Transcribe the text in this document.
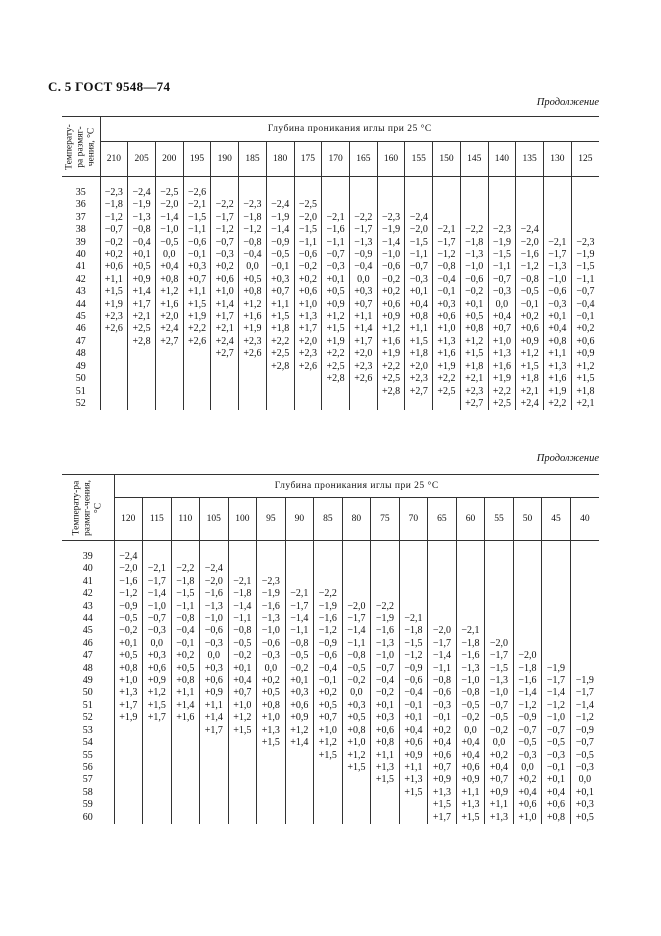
С. 5 ГОСТ 9548—74
Продолжение
Температу-ра размяг-чения, °С	Глубина проникания иглы при 25 °С																	
	210	205	200	195	190	185	180	175	170	165	160	155	150	145	140	135	130	125

35	−2,3	−2,4	−2,5	−2,6														
36	−1,8	−1,9	−2,0	−2,1	−2,2	−2,3	−2,4	−2,5										
37	−1,2	−1,3	−1,4	−1,5	−1,7	−1,8	−1,9	−2,0	−2,1	−2,2	−2,3	−2,4						
38	−0,7	−0,8	−1,0	−1,1	−1,2	−1,2	−1,4	−1,5	−1,6	−1,7	−1,9	−2,0	−2,1	−2,2	−2,3	−2,4		
39	−0,2	−0,4	−0,5	−0,6	−0,7	−0,8	−0,9	−1,1	−1,1	−1,3	−1,4	−1,5	−1,7	−1,8	−1,9	−2,0	−2,1	−2,3
40	+0,2	+0,1	0,0	−0,1	−0,3	−0,4	−0,5	−0,6	−0,7	−0,9	−1,0	−1,1	−1,2	−1,3	−1,5	−1,6	−1,7	−1,9
41	+0,6	+0,5	+0,4	+0,3	+0,2	0,0	−0,1	−0,2	−0,3	−0,4	−0,6	−0,7	−0,8	−1,0	−1,1	−1,2	−1,3	−1,5
42	+1,1	+0,9	+0,8	+0,7	+0,6	+0,5	+0,3	+0,2	+0,1	0,0	−0,2	−0,3	−0,4	−0,6	−0,7	−0,8	−1,0	−1,1
43	+1,5	+1,4	+1,2	+1,1	+1,0	+0,8	+0,7	+0,6	+0,5	+0,3	+0,2	+0,1	−0,1	−0,2	−0,3	−0,5	−0,6	−0,7
44	+1,9	+1,7	+1,6	+1,5	+1,4	+1,2	+1,1	+1,0	+0,9	+0,7	+0,6	+0,4	+0,3	+0,1	0,0	−0,1	−0,3	−0,4
45	+2,3	+2,1	+2,0	+1,9	+1,7	+1,6	+1,5	+1,3	+1,2	+1,1	+0,9	+0,8	+0,6	+0,5	+0,4	+0,2	+0,1	−0,1
46	+2,6	+2,5	+2,4	+2,2	+2,1	+1,9	+1,8	+1,7	+1,5	+1,4	+1,2	+1,1	+1,0	+0,8	+0,7	+0,6	+0,4	+0,2
47		+2,8	+2,7	+2,6	+2,4	+2,3	+2,2	+2,0	+1,9	+1,7	+1,6	+1,5	+1,3	+1,2	+1,0	+0,9	+0,8	+0,6
48					+2,7	+2,6	+2,5	+2,3	+2,2	+2,0	+1,9	+1,8	+1,6	+1,5	+1,3	+1,2	+1,1	+0,9
49							+2,8	+2,6	+2,5	+2,3	+2,2	+2,0	+1,9	+1,8	+1,6	+1,5	+1,3	+1,2
50									+2,8	+2,6	+2,5	+2,3	+2,2	+2,1	+1,9	+1,8	+1,6	+1,5
51											+2,8	+2,7	+2,5	+2,3	+2,2	+2,1	+1,9	+1,8
52														+2,7	+2,5	+2,4	+2,2	+2,1
Продолжение
Температу-ра размяг-чения, °С	Глубина проникания иглы при 25 °С																
	120	115	110	105	100	95	90	85	80	75	70	65	60	55	50	45	40

39	−2,4																
40	−2,0	−2,1	−2,2	−2,4													
41	−1,6	−1,7	−1,8	−2,0	−2,1	−2,3											
42	−1,2	−1,4	−1,5	−1,6	−1,8	−1,9	−2,1	−2,2									
43	−0,9	−1,0	−1,1	−1,3	−1,4	−1,6	−1,7	−1,9	−2,0	−2,2							
44	−0,5	−0,7	−0,8	−1,0	−1,1	−1,3	−1,4	−1,6	−1,7	−1,9	−2,1						
45	−0,2	−0,3	−0,4	−0,6	−0,8	−1,0	−1,1	−1,2	−1,4	−1,6	−1,8	−2,0	−2,1				
46	+0,1	0,0	−0,1	−0,3	−0,5	−0,6	−0,8	−0,9	−1,1	−1,3	−1,5	−1,7	−1,8	−2,0			
47	+0,5	+0,3	+0,2	0,0	−0,2	−0,3	−0,5	−0,6	−0,8	−1,0	−1,2	−1,4	−1,6	−1,7	−2,0		
48	+0,8	+0,6	+0,5	+0,3	+0,1	0,0	−0,2	−0,4	−0,5	−0,7	−0,9	−1,1	−1,3	−1,5	−1,8	−1,9	
49	+1,0	+0,9	+0,8	+0,6	+0,4	+0,2	+0,1	−0,1	−0,2	−0,4	−0,6	−0,8	−1,0	−1,3	−1,6	−1,7	−1,9
50	+1,3	+1,2	+1,1	+0,9	+0,7	+0,5	+0,3	+0,2	0,0	−0,2	−0,4	−0,6	−0,8	−1,0	−1,4	−1,4	−1,7
51	+1,7	+1,5	+1,4	+1,1	+1,0	+0,8	+0,6	+0,5	+0,3	+0,1	−0,1	−0,3	−0,5	−0,7	−1,2	−1,2	−1,4
52	+1,9	+1,7	+1,6	+1,4	+1,2	+1,0	+0,9	+0,7	+0,5	+0,3	+0,1	−0,1	−0,2	−0,5	−0,9	−1,0	−1,2
53				+1,7	+1,5	+1,3	+1,2	+1,0	+0,8	+0,6	+0,4	+0,2	0,0	−0,2	−0,7	−0,7	−0,9
54						+1,5	+1,4	+1,2	+1,0	+0,8	+0,6	+0,4	+0,4	0,0	−0,5	−0,5	−0,7
55								+1,5	+1,2	+1,1	+0,9	+0,6	+0,4	+0,2	−0,3	−0,3	−0,5
56									+1,5	+1,3	+1,1	+0,7	+0,6	+0,4	0,0	−0,1	−0,3
57										+1,5	+1,3	+0,9	+0,9	+0,7	+0,2	+0,1	0,0
58											+1,5	+1,3	+1,1	+0,9	+0,4	+0,4	+0,1
59												+1,5	+1,3	+1,1	+0,6	+0,6	+0,3
60												+1,7	+1,5	+1,3	+1,0	+0,8	+0,5
